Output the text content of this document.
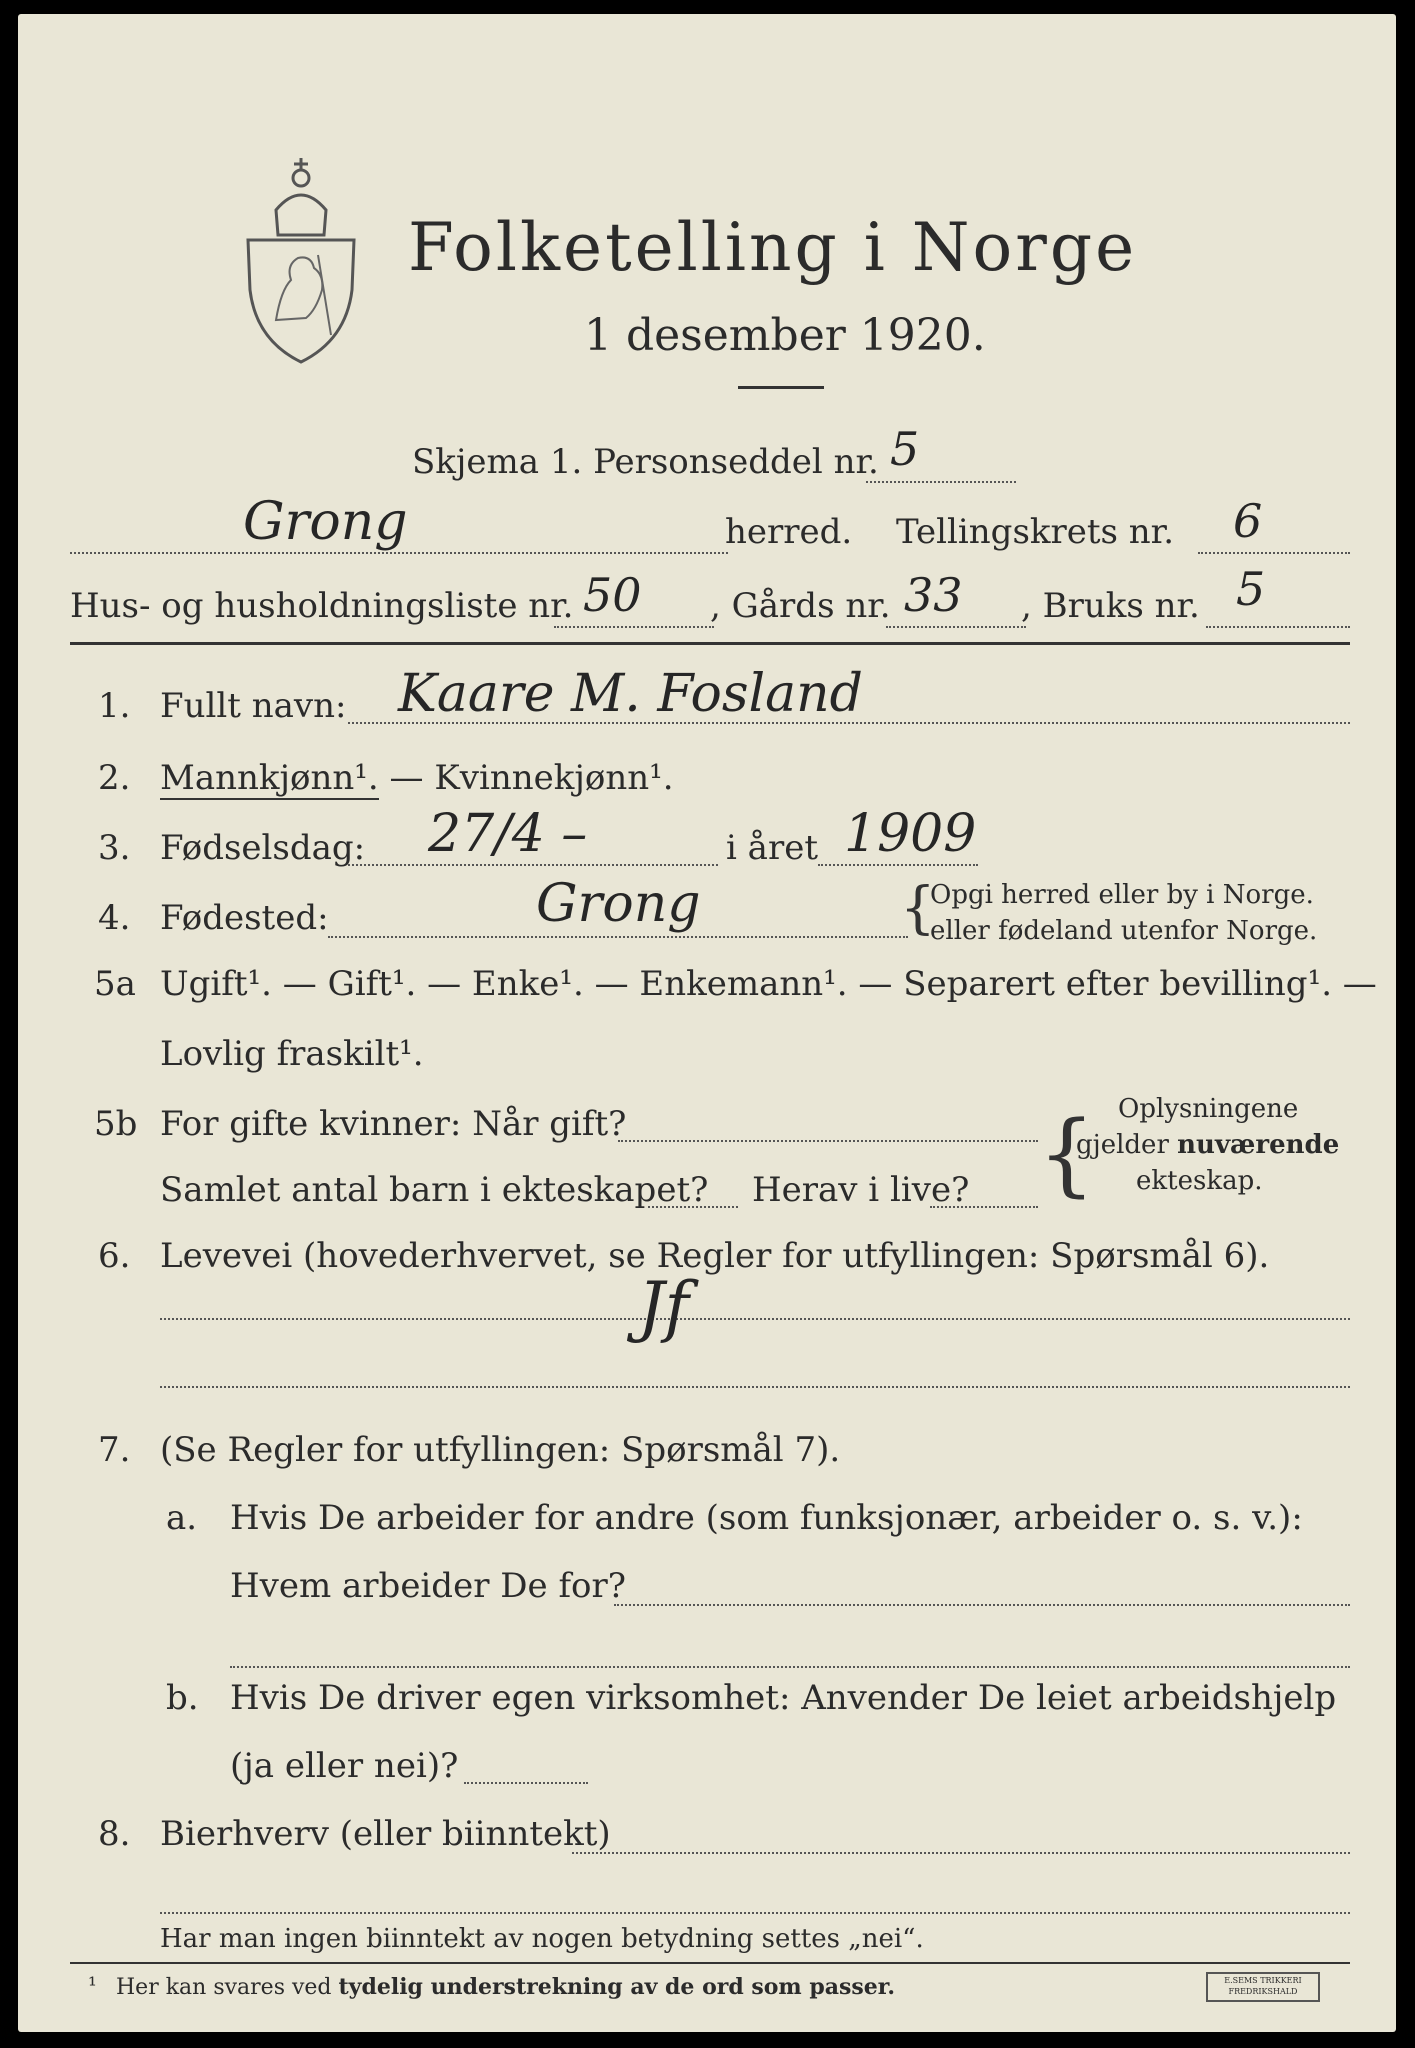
Folketelling i Norge
1 desember 1920.
Skjema 1. Personseddel nr. 5
Grong	herred. Tellingskrets nr. 6
Hus- og husholdningsliste nr. 50 , Gårds nr. 33 , Bruks nr. 5
1. Fullt navn: Kaare M. Fosland
2. Mannkjønn¹. — Kvinnekjønn¹.
3. Fødselsdag: 27/4 –	i året 1909
4. Fødested:	Grong	{
Opgi herred eller by i Norge.
eller fødeland utenfor Norge.
5a Ugift¹. — Gift¹. — Enke¹. — Enkemann¹. — Separert efter bevilling¹. —
Lovlig fraskilt¹.
5b For gifte kvinner: Når gift?
Samlet antal barn i ekteskapet? Herav i live? { Oplysningene
gjelder nuværende
ekteskap.
6. Levevei (hovederhvervet, se Regler for utfyllingen: Spørsmål 6).
Jf
7. (Se Regler for utfyllingen: Spørsmål 7).
a. Hvis De arbeider for andre (som funksjonær, arbeider o. s. v.):
Hvem arbeider De for?
b. Hvis De driver egen virksomhet: Anvender De leiet arbeidshjelp
(ja eller nei)?
8. Bierhverv (eller biinntekt)
Har man ingen biinntekt av nogen betydning settes „nei“.
¹ Her kan svares ved tydelig understrekning av de ord som passer.	E.SEMS TRIKKERI FREDRIKSHALD
